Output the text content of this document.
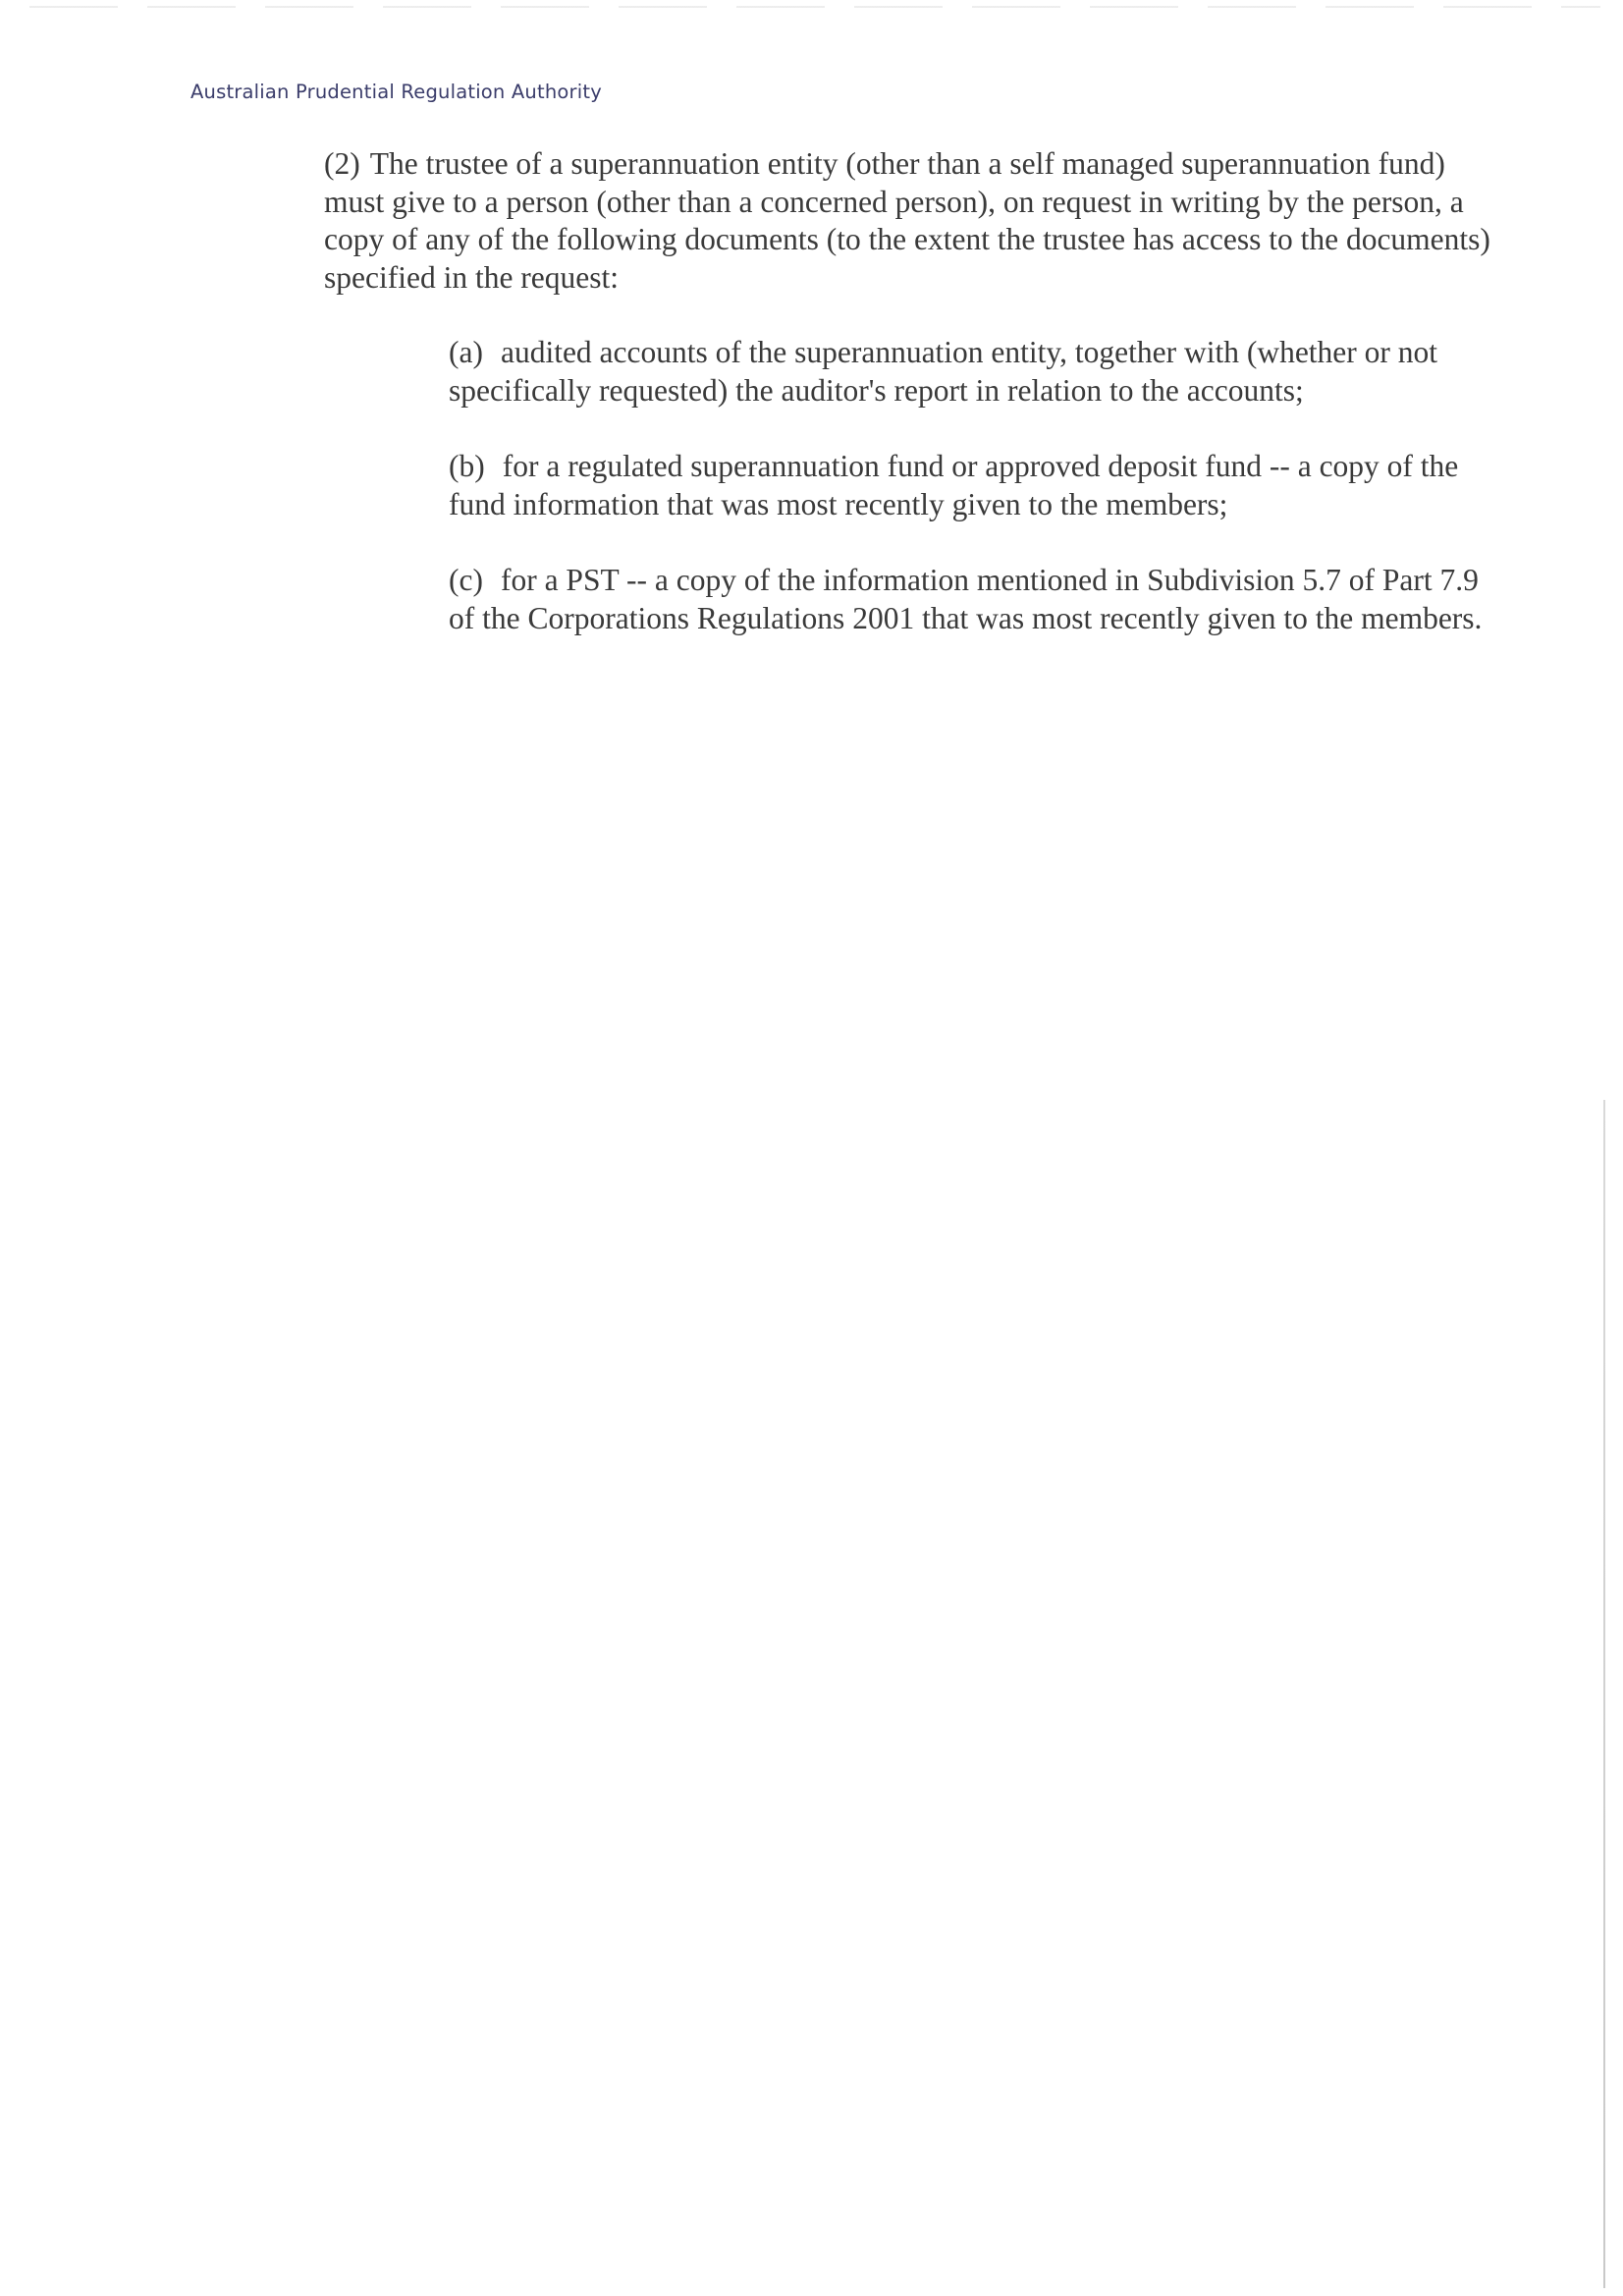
Australian Prudential Regulation Authority

(2) The trustee of a superannuation entity (other than a self managed superannuation fund) must give to a person (other than a concerned person), on request in writing by the person, a copy of any of the following documents (to the extent the trustee has access to the documents) specified in the request:

(a) audited accounts of the superannuation entity, together with (whether or not specifically requested) the auditor's report in relation to the accounts;

(b) for a regulated superannuation fund or approved deposit fund -- a copy of the fund information that was most recently given to the members;

(c) for a PST -- a copy of the information mentioned in Subdivision 5.7 of Part 7.9 of the Corporations Regulations 2001 that was most recently given to the members.
